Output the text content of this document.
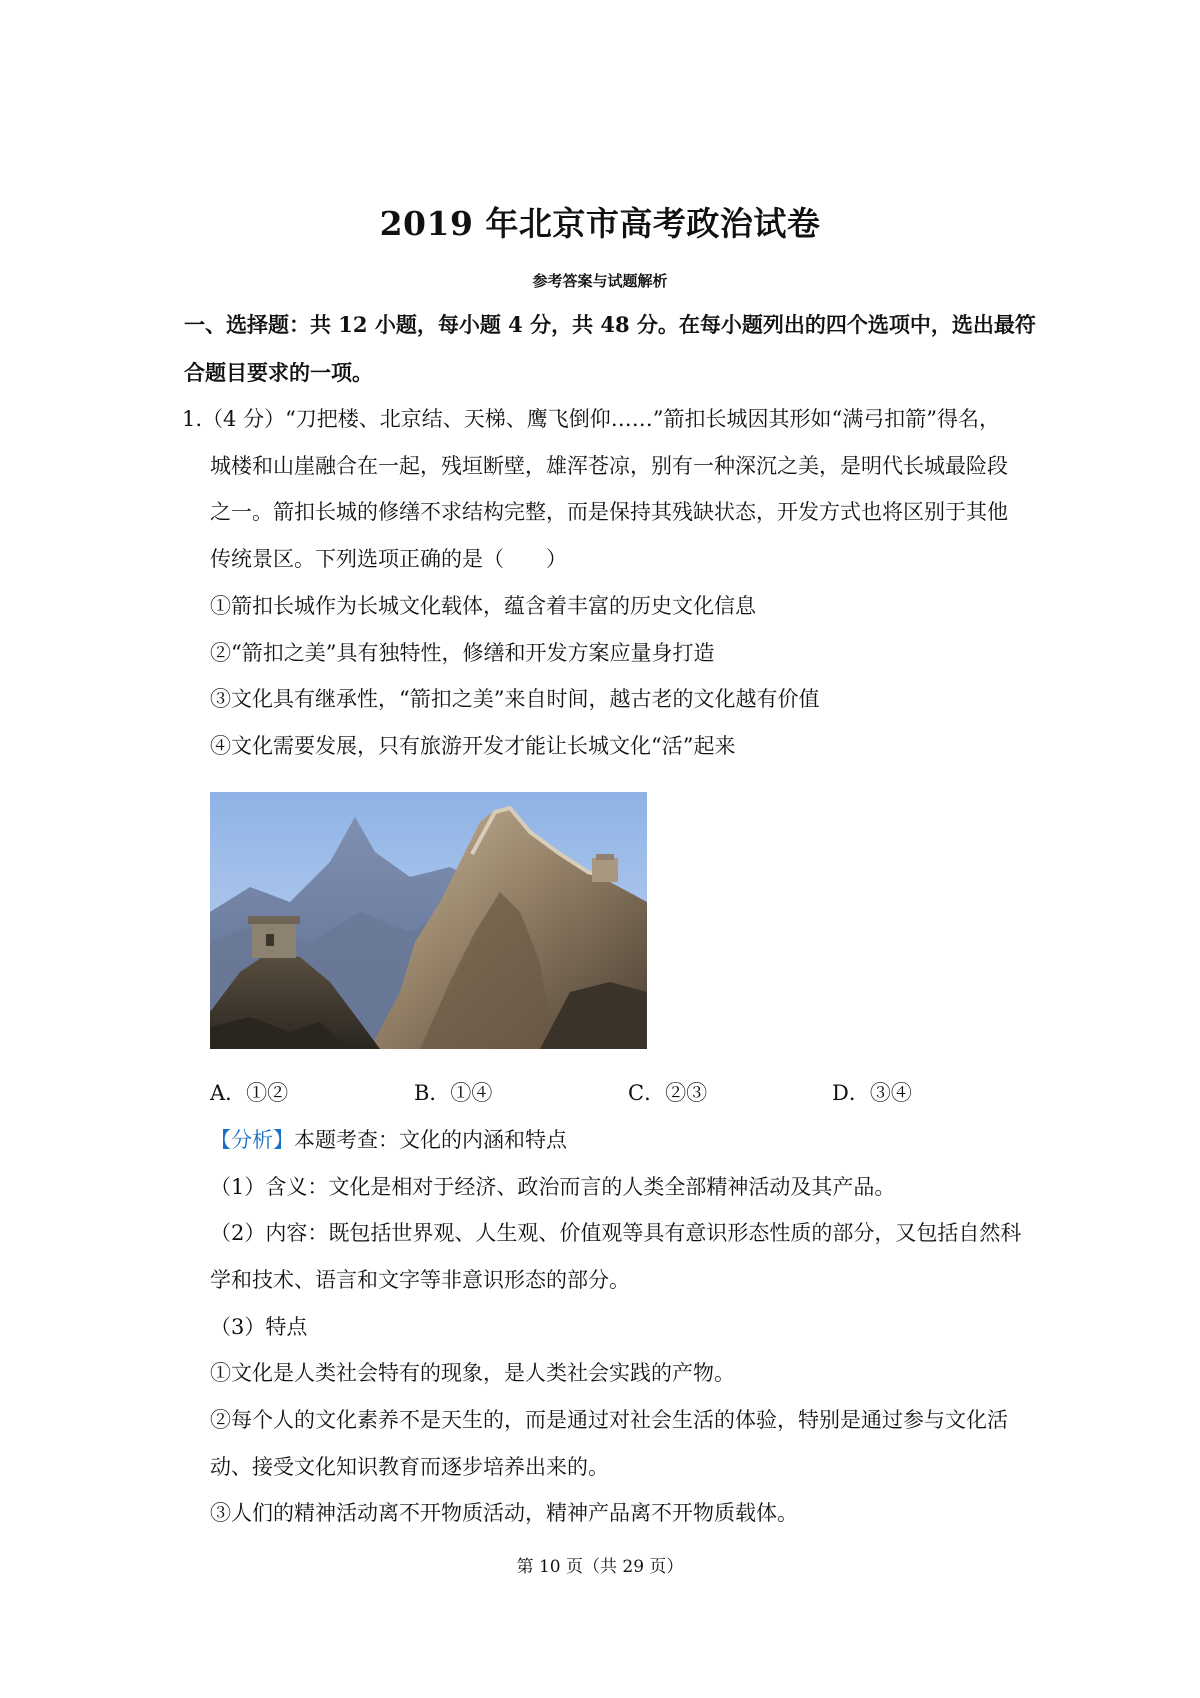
2019 年北京市高考政治试卷
参考答案与试题解析
一、选择题：共 12 小题，每小题 4 分，共 48 分。在每小题列出的四个选项中，选出最符
合题目要求的一项。
1.（4 分）“刀把楼、北京结、天梯、鹰飞倒仰……”箭扣长城因其形如“满弓扣箭”得名，
城楼和山崖融合在一起，残垣断壁，雄浑苍凉，别有一种深沉之美，是明代长城最险段
之一。箭扣长城的修缮不求结构完整，而是保持其残缺状态，开发方式也将区别于其他
传统景区。下列选项正确的是（　　）
①箭扣长城作为长城文化载体，蕴含着丰富的历史文化信息
②“箭扣之美”具有独特性，修缮和开发方案应量身打造
③文化具有继承性，“箭扣之美”来自时间，越古老的文化越有价值
④文化需要发展，只有旅游开发才能让长城文化“活”起来
A．①②	B．①④	C．②③	D．③④
【分析】本题考查：文化的内涵和特点
（1）含义：文化是相对于经济、政治而言的人类全部精神活动及其产品。
（2）内容：既包括世界观、人生观、价值观等具有意识形态性质的部分，又包括自然科
学和技术、语言和文字等非意识形态的部分。
（3）特点
①文化是人类社会特有的现象，是人类社会实践的产物。
②每个人的文化素养不是天生的，而是通过对社会生活的体验，特别是通过参与文化活
动、接受文化知识教育而逐步培养出来的。
③人们的精神活动离不开物质活动，精神产品离不开物质载体。
第 10 页（共 29 页）
